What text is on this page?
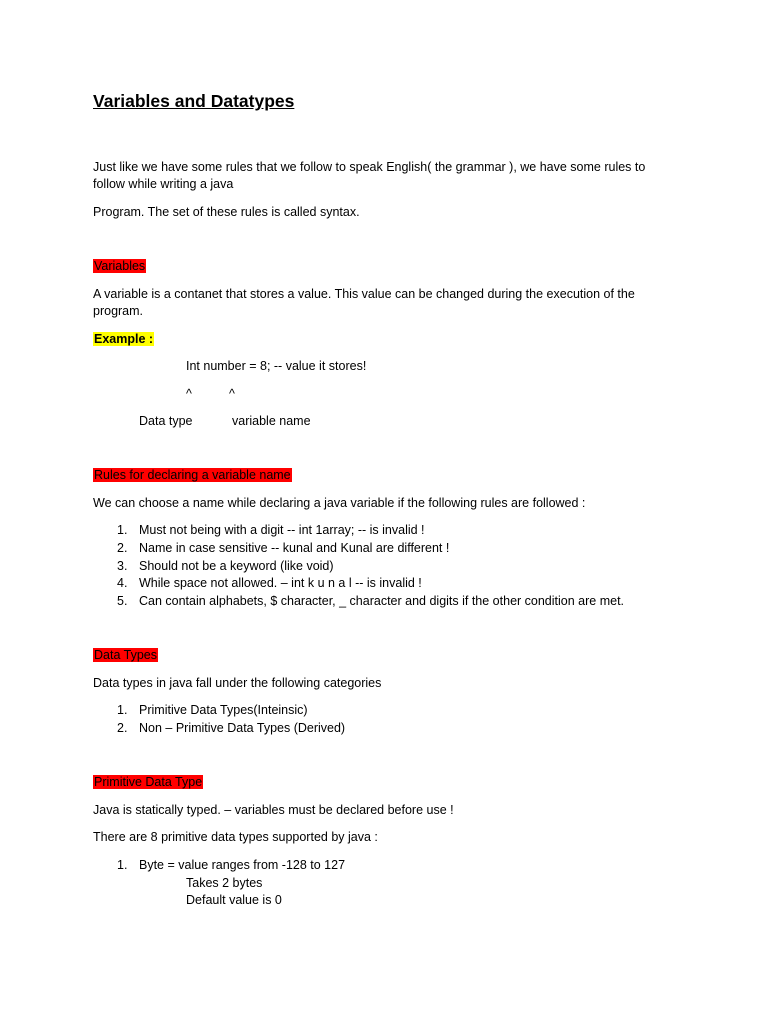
Variables and Datatypes
Just like we have some rules that we follow to speak English( the grammar ), we have some rules to
follow while writing a java
Program. The set of these rules is called syntax.
Variables
A variable is a contanet that stores a value. This value can be changed during the execution of the
program.
Example :
Int number = 8; -- value it stores!
^	^
Data type	variable name
Rules for declaring a variable name
We can choose a name while declaring a java variable if the following rules are followed :
1. Must not being with a digit -- int 1array; -- is invalid !
2. Name in case sensitive -- kunal and Kunal are different !
3. Should not be a keyword (like void)
4. While space not allowed. – int k u n a l -- is invalid !
5. Can contain alphabets, $ character, _ character and digits if the other condition are met.
Data Types
Data types in java fall under the following categories
1. Primitive Data Types(Inteinsic)
2. Non – Primitive Data Types (Derived)
Primitive Data Type
Java is statically typed. – variables must be declared before use !
There are 8 primitive data types supported by java :
1. Byte = value ranges from -128 to 127
Takes 2 bytes
Default value is 0
